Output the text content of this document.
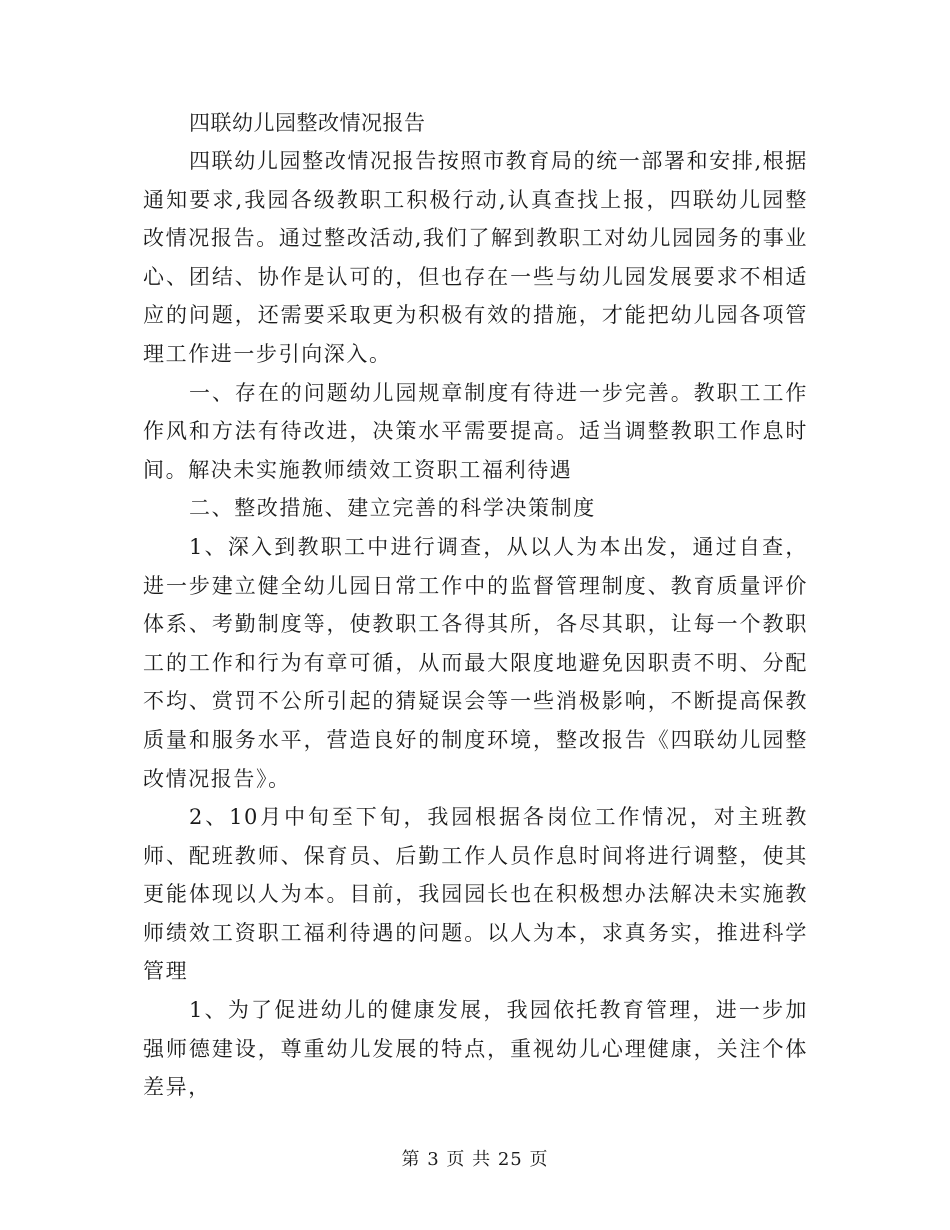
四联幼儿园整改情况报告

四联幼儿园整改情况报告按照市教育局的统一部署和安排,根据通知要求,我园各级教职工积极行动,认真查找上报，四联幼儿园整改情况报告。通过整改活动,我们了解到教职工对幼儿园园务的事业心、团结、协作是认可的，但也存在一些与幼儿园发展要求不相适应的问题，还需要采取更为积极有效的措施，才能把幼儿园各项管理工作进一步引向深入。

一、存在的问题幼儿园规章制度有待进一步完善。教职工工作作风和方法有待改进，决策水平需要提高。适当调整教职工作息时间。解决未实施教师绩效工资职工福利待遇

二、整改措施、建立完善的科学决策制度

1、深入到教职工中进行调查，从以人为本出发，通过自查，进一步建立健全幼儿园日常工作中的监督管理制度、教育质量评价体系、考勤制度等，使教职工各得其所，各尽其职，让每一个教职工的工作和行为有章可循，从而最大限度地避免因职责不明、分配不均、赏罚不公所引起的猜疑误会等一些消极影响，不断提高保教质量和服务水平，营造良好的制度环境，整改报告《四联幼儿园整改情况报告》。

2、10月中旬至下旬，我园根据各岗位工作情况，对主班教师、配班教师、保育员、后勤工作人员作息时间将进行调整，使其更能体现以人为本。目前，我园园长也在积极想办法解决未实施教师绩效工资职工福利待遇的问题。以人为本，求真务实，推进科学管理

1、为了促进幼儿的健康发展，我园依托教育管理，进一步加强师德建设，尊重幼儿发展的特点，重视幼儿心理健康，关注个体差异，

第 3 页 共 25 页
